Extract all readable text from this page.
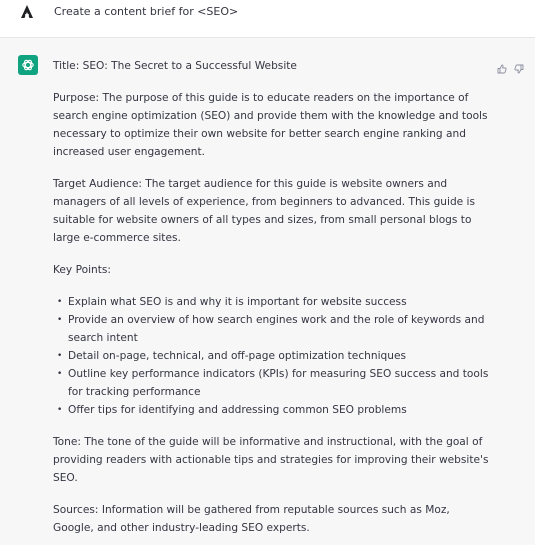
Create a content brief for <SEO>

Title: SEO: The Secret to a Successful Website

Purpose: The purpose of this guide is to educate readers on the importance of search engine optimization (SEO) and provide them with the knowledge and tools necessary to optimize their own website for better search engine ranking and increased user engagement.

Target Audience: The target audience for this guide is website owners and managers of all levels of experience, from beginners to advanced. This guide is suitable for website owners of all types and sizes, from small personal blogs to large e-commerce sites.

Key Points:

• Explain what SEO is and why it is important for website success
• Provide an overview of how search engines work and the role of keywords and search intent
• Detail on-page, technical, and off-page optimization techniques
• Outline key performance indicators (KPIs) for measuring SEO success and tools for tracking performance
• Offer tips for identifying and addressing common SEO problems

Tone: The tone of the guide will be informative and instructional, with the goal of providing readers with actionable tips and strategies for improving their website's SEO.

Sources: Information will be gathered from reputable sources such as Moz, Google, and other industry-leading SEO experts.
